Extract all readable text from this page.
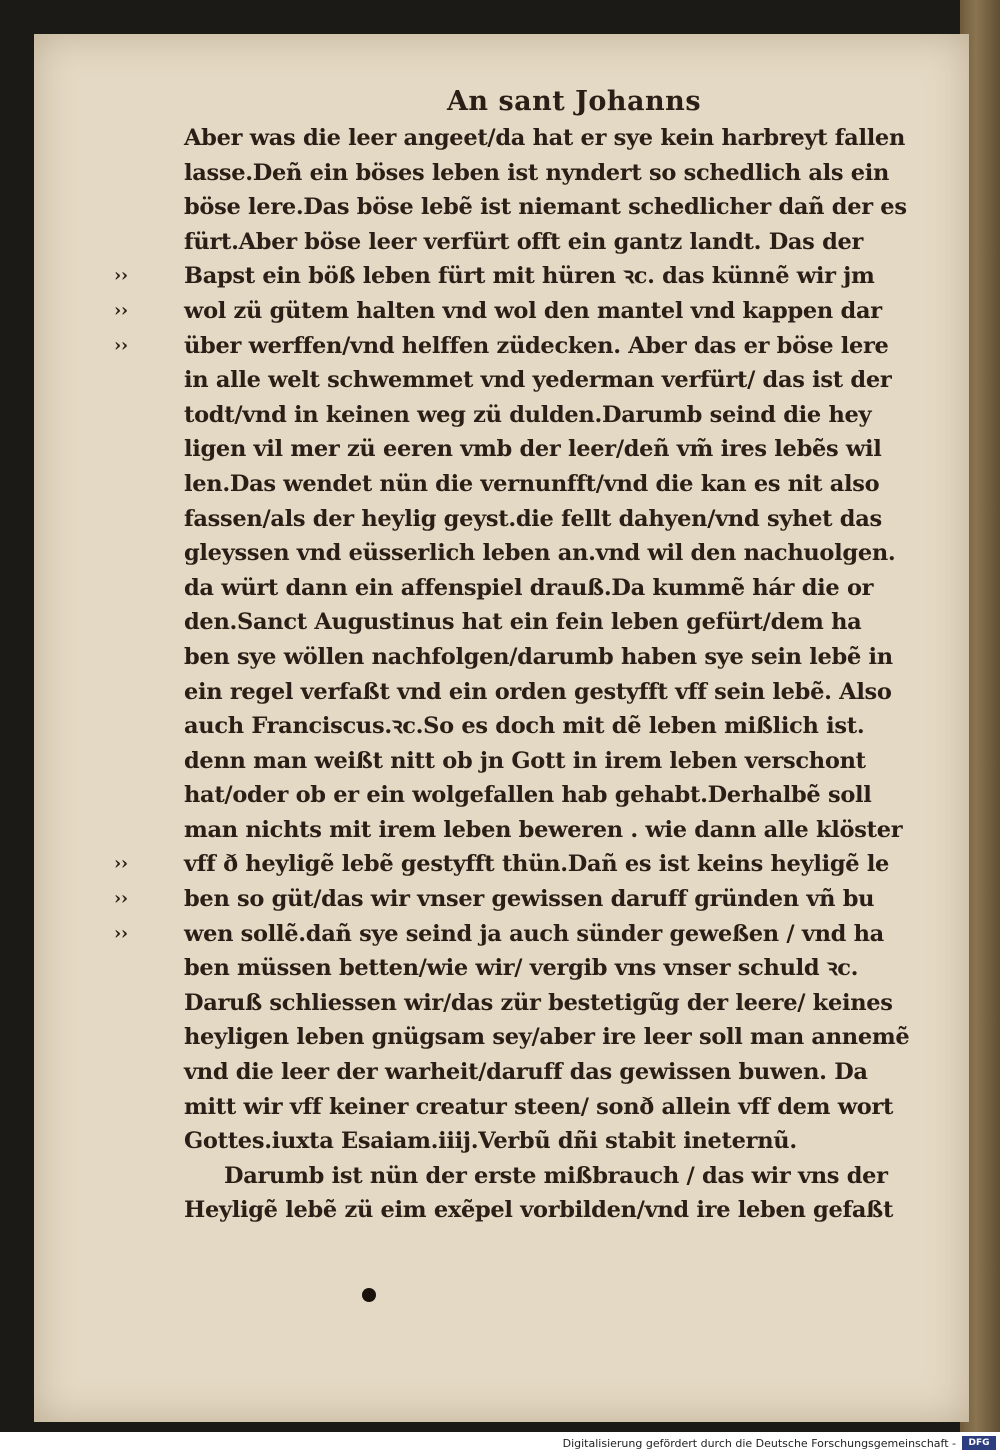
An sant Johanns
Aber was die leer angeet/da hat er sye kein harbreyt fallen
lasse.Deñ ein böses leben ist nyndert so schedlich als ein
böse lere.Das böse lebẽ ist niemant schedlicher dañ der es
fürt.Aber böse leer verfürt offt ein gantz landt. Das der
›› Bapst ein böß leben fürt mit hüren ꝛc. das künnẽ wir jm
›› wol zü gütem halten vnd wol den mantel vnd kappen dar
›› über werffen/vnd helffen züdecken. Aber das er böse lere
in alle welt schwemmet vnd yederman verfürt/ das ist der
todt/vnd in keinen weg zü dulden.Darumb seind die hey
ligen vil mer zü eeren vmb der leer/deñ vm̃ ires lebẽs wil
len.Das wendet nün die vernunfft/vnd die kan es nit also
fassen/als der heylig geyst.die fellt dahyen/vnd syhet das
gleyssen vnd eüsserlich leben an.vnd wil den nachuolgen.
da würt dann ein affenspiel drauß.Da kummẽ hár die or
den.Sanct Augustinus hat ein fein leben gefürt/dem ha
ben sye wöllen nachfolgen/darumb haben sye sein lebẽ in
ein regel verfaßt vnd ein orden gestyfft vff sein lebẽ. Also
auch Franciscus.ꝛc.So es doch mit dẽ leben mißlich ist.
denn man weißt nitt ob jn Gott in irem leben verschont
hat/oder ob er ein wolgefallen hab gehabt.Derhalbẽ soll
man nichts mit irem leben beweren . wie dann alle klöster
›› vff ð heyligẽ lebẽ gestyfft thün.Dañ es ist keins heyligẽ le
›› ben so güt/das wir vnser gewissen daruff gründen vñ bu
›› wen sollẽ.dañ sye seind ja auch sünder geweßen / vnd ha
ben müssen betten/wie wir/ vergib vns vnser schuld ꝛc.
Daruß schliessen wir/das zür bestetigũg der leere/ keines
heyligen leben gnügsam sey/aber ire leer soll man annemẽ
vnd die leer der warheit/daruff das gewissen buwen. Da
mitt wir vff keiner creatur steen/ sonð allein vff dem wort
Gottes.iuxta Esaiam.iiij.Verbũ dñi stabit ineternũ.
Darumb ist nün der erste mißbrauch / das wir vns der
Heyligẽ lebẽ zü eim exẽpel vorbilden/vnd ire leben gefaßt
Digitalisierung gefördert durch die Deutsche Forschungsgemeinschaft -	DFG
